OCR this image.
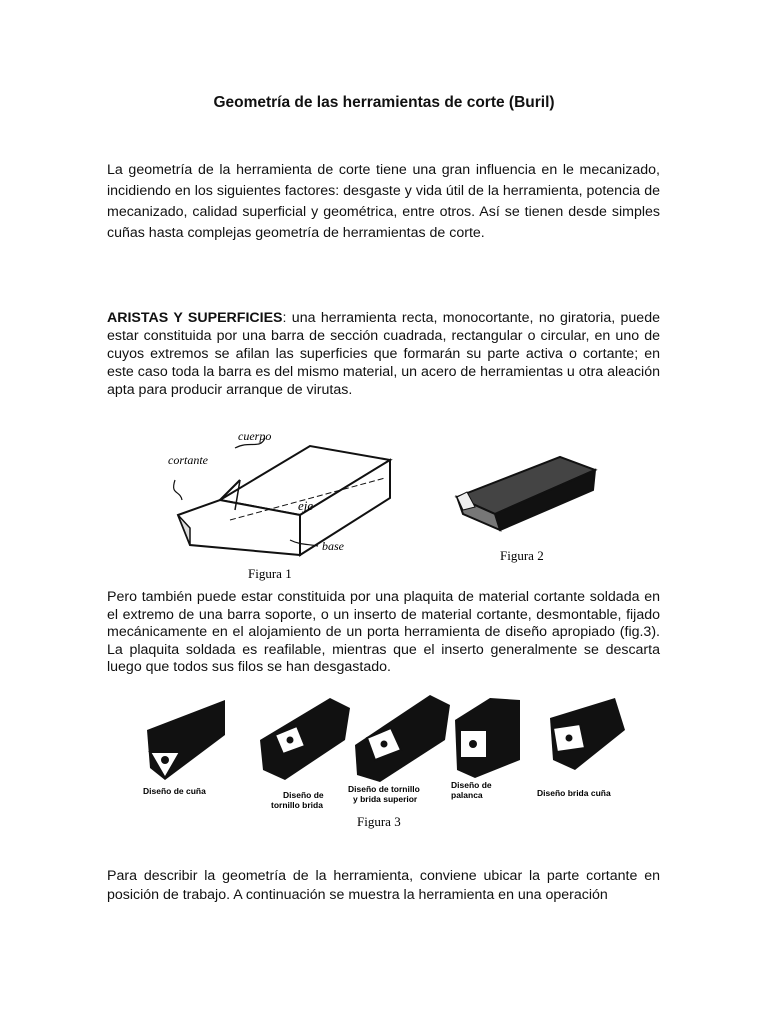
Geometría de las herramientas de corte (Buril)
La geometría de la herramienta de corte tiene una gran influencia en le mecanizado, incidiendo en los siguientes factores: desgaste y vida útil de la herramienta, potencia de mecanizado, calidad superficial y geométrica, entre otros. Así se tienen desde simples cuñas hasta complejas geometría de herramientas de corte.
ARISTAS Y SUPERFICIES: una herramienta recta, monocortante, no giratoria, puede estar constituida por una barra de sección cuadrada, rectangular o circular, en uno de cuyos extremos se afilan las superficies que formarán su parte activa o cortante; en este caso toda la barra es del mismo material, un acero de herramientas u otra aleación apta para producir arranque de virutas.
cuerpo
cortante
eje
base
Figura 1
Figura 2
Pero también puede estar constituida por una plaquita de material cortante soldada en el extremo de una barra soporte, o un inserto de material cortante, desmontable, fijado mecánicamente en el alojamiento de un porta herramienta de diseño apropiado (fig.3). La plaquita soldada es reafilable, mientras que el inserto generalmente se descarta luego que todos sus filos se han desgastado.
Diseño de cuña	Diseño de
tornillo brida
Diseño de tornillo
y brida superior
Diseño de
palanca	Diseño brida cuña
Figura 3
Para describir la geometría de la herramienta, conviene ubicar la parte cortante en posición de trabajo. A continuación se muestra la herramienta en una operación
